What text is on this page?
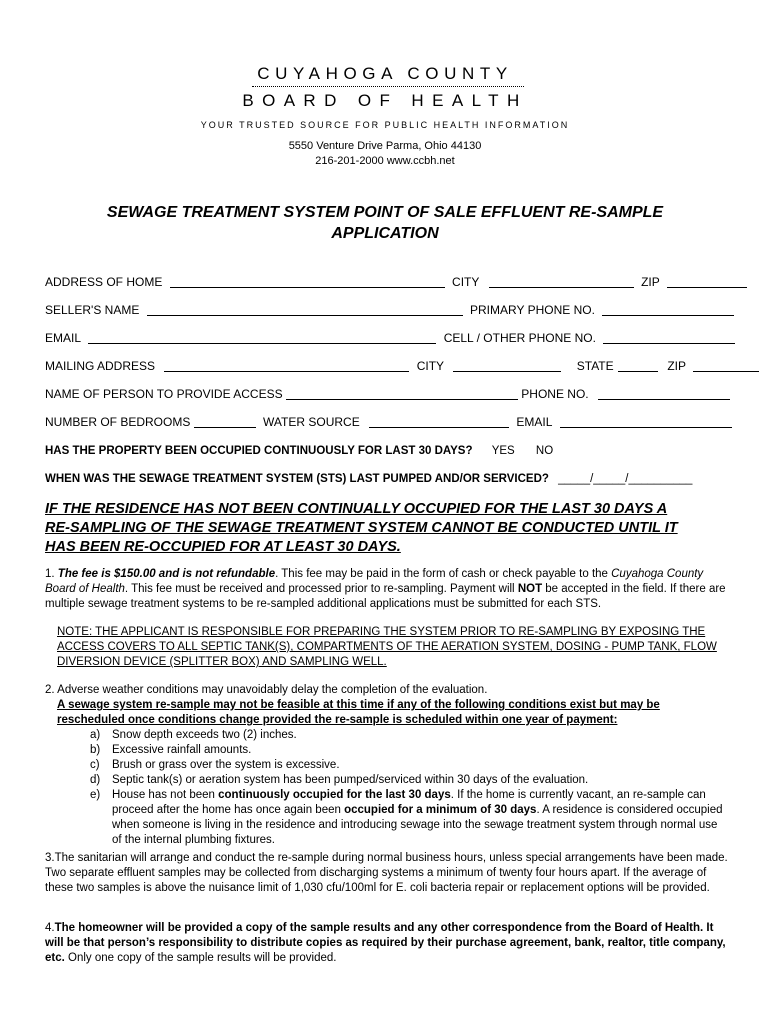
CUYAHOGA COUNTY
BOARD OF HEALTH
YOUR TRUSTED SOURCE FOR PUBLIC HEALTH INFORMATION
5550 Venture Drive Parma, Ohio 44130
216-201-2000 www.ccbh.net
SEWAGE TREATMENT SYSTEM POINT OF SALE EFFLUENT RE-SAMPLE
APPLICATION
ADDRESS OF HOME	CITY	ZIP
SELLER'S NAME	PRIMARY PHONE NO.
EMAIL	CELL / OTHER PHONE NO.
MAILING ADDRESS	CITY	STATE	ZIP
NAME OF PERSON TO PROVIDE ACCESS	PHONE NO.
NUMBER OF BEDROOMS	WATER SOURCE	EMAIL
HAS THE PROPERTY BEEN OCCUPIED CONTINUOUSLY FOR LAST 30 DAYS? YES NO
WHEN WAS THE SEWAGE TREATMENT SYSTEM (STS) LAST PUMPED AND/OR SERVICED? _____/_____/__________
IF THE RESIDENCE HAS NOT BEEN CONTINUALLY OCCUPIED FOR THE LAST 30 DAYS A
RE-SAMPLING OF THE SEWAGE TREATMENT SYSTEM CANNOT BE CONDUCTED UNTIL IT
HAS BEEN RE-OCCUPIED FOR AT LEAST 30 DAYS.
1. The fee is $150.00 and is not refundable. This fee may be paid in the form of cash or check payable to the Cuyahoga County Board of Health. This fee must be received and processed prior to re-sampling. Payment will NOT be accepted in the field. If there are multiple sewage treatment systems to be re-sampled additional applications must be submitted for each STS.
NOTE: THE APPLICANT IS RESPONSIBLE FOR PREPARING THE SYSTEM PRIOR TO RE-SAMPLING BY EXPOSING THE ACCESS COVERS TO ALL SEPTIC TANK(S), COMPARTMENTS OF THE AERATION SYSTEM, DOSING - PUMP TANK, FLOW DIVERSION DEVICE (SPLITTER BOX) AND SAMPLING WELL.
2. Adverse weather conditions may unavoidably delay the completion of the evaluation.
A sewage system re-sample may not be feasible at this time if any of the following conditions exist but may be rescheduled once conditions change provided the re-sample is scheduled within one year of payment:
a) Snow depth exceeds two (2) inches.
b) Excessive rainfall amounts.
c) Brush or grass over the system is excessive.
d) Septic tank(s) or aeration system has been pumped/serviced within 30 days of the evaluation.
e) House has not been continuously occupied for the last 30 days. If the home is currently vacant, an re-sample can proceed after the home has once again been occupied for a minimum of 30 days. A residence is considered occupied when someone is living in the residence and introducing sewage into the sewage treatment system through normal use of the internal plumbing fixtures.
3.The sanitarian will arrange and conduct the re-sample during normal business hours, unless special arrangements have been made. Two separate effluent samples may be collected from discharging systems a minimum of twenty four hours apart. If the average of these two samples is above the nuisance limit of 1,030 cfu/100ml for E. coli bacteria repair or replacement options will be provided.
4.The homeowner will be provided a copy of the sample results and any other correspondence from the Board of Health. It will be that person’s responsibility to distribute copies as required by their purchase agreement, bank, realtor, title company, etc. Only one copy of the sample results will be provided.
